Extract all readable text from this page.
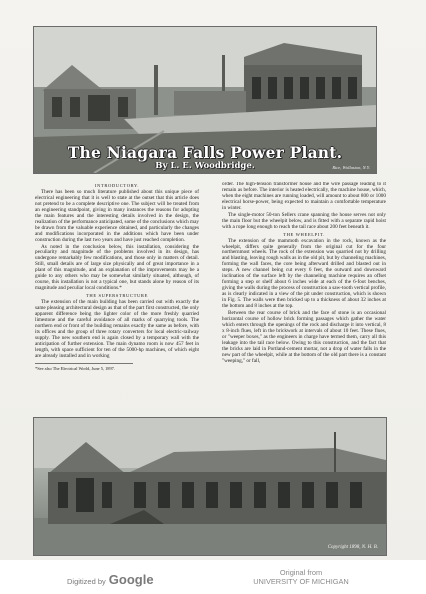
The Niagara Falls Power Plant.
By L. E. Woodbridge.	Rice, Wollaston, N.Y.
INTRODUCTORY.

There has been so much literature published about this unique piece of electrical engineering that it is well to state at the outset that this article does not pretend to be a complete descriptive one. The subject will be treated from an engineering standpoint, giving in many instances the reasons for adopting the main features and the interesting details involved in the design, the realization of the performance anticipated, some of the conclusions which may be drawn from the valuable experience obtained, and particularly the changes and modifications incorporated in the additions which have been under construction during the last two years and have just reached completion.

As noted in the conclusion below, this installation, considering the peculiarity and magnitude of the problems involved in its design, has undergone remarkably few modifications, and those only in matters of detail. Still, small details are of large size physically and of great importance in a plant of this magnitude, and an explanation of the improvements may be a guide to any others who may be somewhat similarly situated, although, of course, this installation is not a typical one, but stands alone by reason of its magnitude and peculiar local conditions.*

THE SUPERSTRUCTURE

The extension of the main building has been carried out with exactly the same pleasing architectural design as that of the part first constructed, the only apparent difference being the lighter color of the more freshly quarried limestone and the careful avoidance of all marks of quarrying tools. The northern end or front of the building remains exactly the same as before, with its offices and the group of three rotary converters for local electric-railway supply. The new southern end is again closed by a temporary wall with the anticipation of further extension. The main dynamo room is now 457 feet in length, with space sufficient for ten of the 5000-hp machines, of which eight are already installed and in working

*See also The Electrical World, June 5, 1897.

order. The high-tension transformer house and the wire passage leading to it remain as before. The interior is heated electrically, the machine house, which, when the eight machines are running loaded, will amount to about 800 or 1000 electrical horse-power, being expected to maintain a comfortable temperature in winter.

The single-motor 50-ton Sellers crane spanning the house serves not only the main floor but the wheelpit below, and is fitted with a separate rapid hoist with a rope long enough to reach the tail race about 200 feet beneath it.

THE WHEELPIT.

The extension of the mammoth excavation in the rock, known as the wheelpit, differs quite generally from the original cut for the four northernmost wheels. The rock of the extension was quarried not by drilling and blasting, leaving rough walls as in the old pit, but by channeling machines, forming the wall faces, the core being afterward drilled and blasted out in steps. A new channel being cut every 6 feet, the outward and downward inclination of the surface left by the channeling machine requires an offset forming a step or shelf about 6 inches wide at each of the 6-foot benches, giving the walls during the process of construction a saw-tooth vertical profile, as is clearly indicated in a view of the pit under construction, which is shown in Fig. 5. The walls were then bricked up to a thickness of about 32 inches at the bottom and 8 inches at the top.

Between the rear course of brick and the face of stone is an occasional horizontal course of hollow brick forming passages which gather the water which enters through the openings of the rock and discharge it into vertical, 8 x 8-inch flues, left in the brickwork at intervals of about 10 feet. These flues, or "weeper boxes," as the engineers in charge have termed them, carry all this leakage into the tail race below. Owing to this construction, and the fact that the bricks are laid in Portland-cement mortar, not a drop of water falls in the new part of the wheelpit, while at the bottom of the old part there is a constant "weeping," or fall,

Copyright 1898, N. H. B.
Digitized by Google	Original from
UNIVERSITY OF MICHIGAN
